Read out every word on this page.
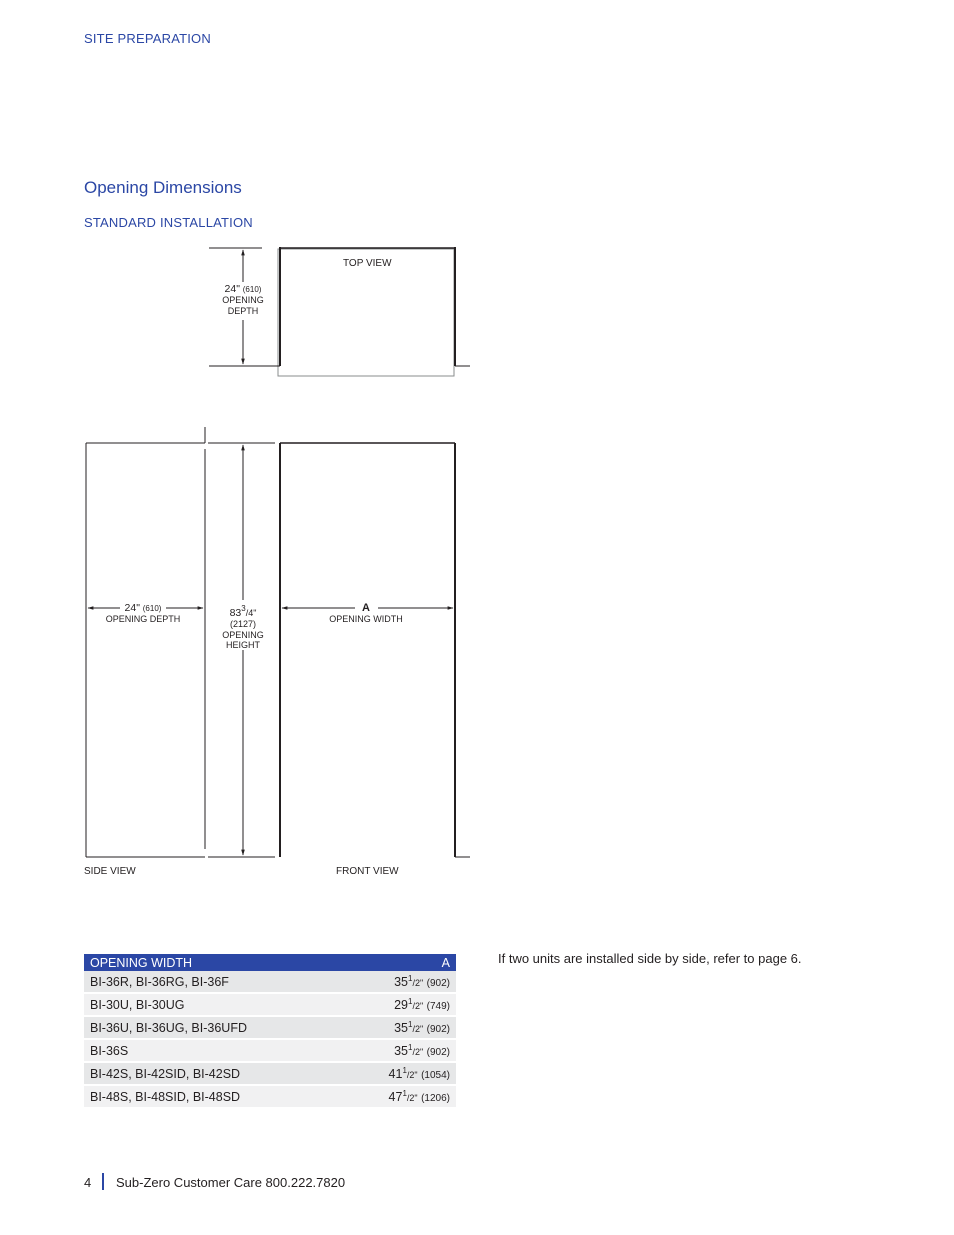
SITE PREPARATION
Opening Dimensions
STANDARD INSTALLATION
TOP VIEW
24" (610)
OPENING
DEPTH
24" (610)
OPENING DEPTH	$83^3/4$"
(2127)
OPENING
HEIGHT
SIDE VIEW
A
OPENING WIDTH
FRONT VIEW
OPENING WIDTH	A
BI-36R, BI-36RG, BI-36F	$35^1/2$" (902)
BI-30U, BI-30UG	$29^1/2$" (749)
BI-36U, BI-36UG, BI-36UFD	$35^1/2$" (902)
BI-36S	$35^1/2$" (902)
BI-42S, BI-42SID, BI-42SD	$41^1/2$" (1054)
BI-48S, BI-48SID, BI-48SD	$47^1/2$" (1206)
If two units are installed side by side, refer to page 6.
4 Sub-Zero Customer Care 800.222.7820
